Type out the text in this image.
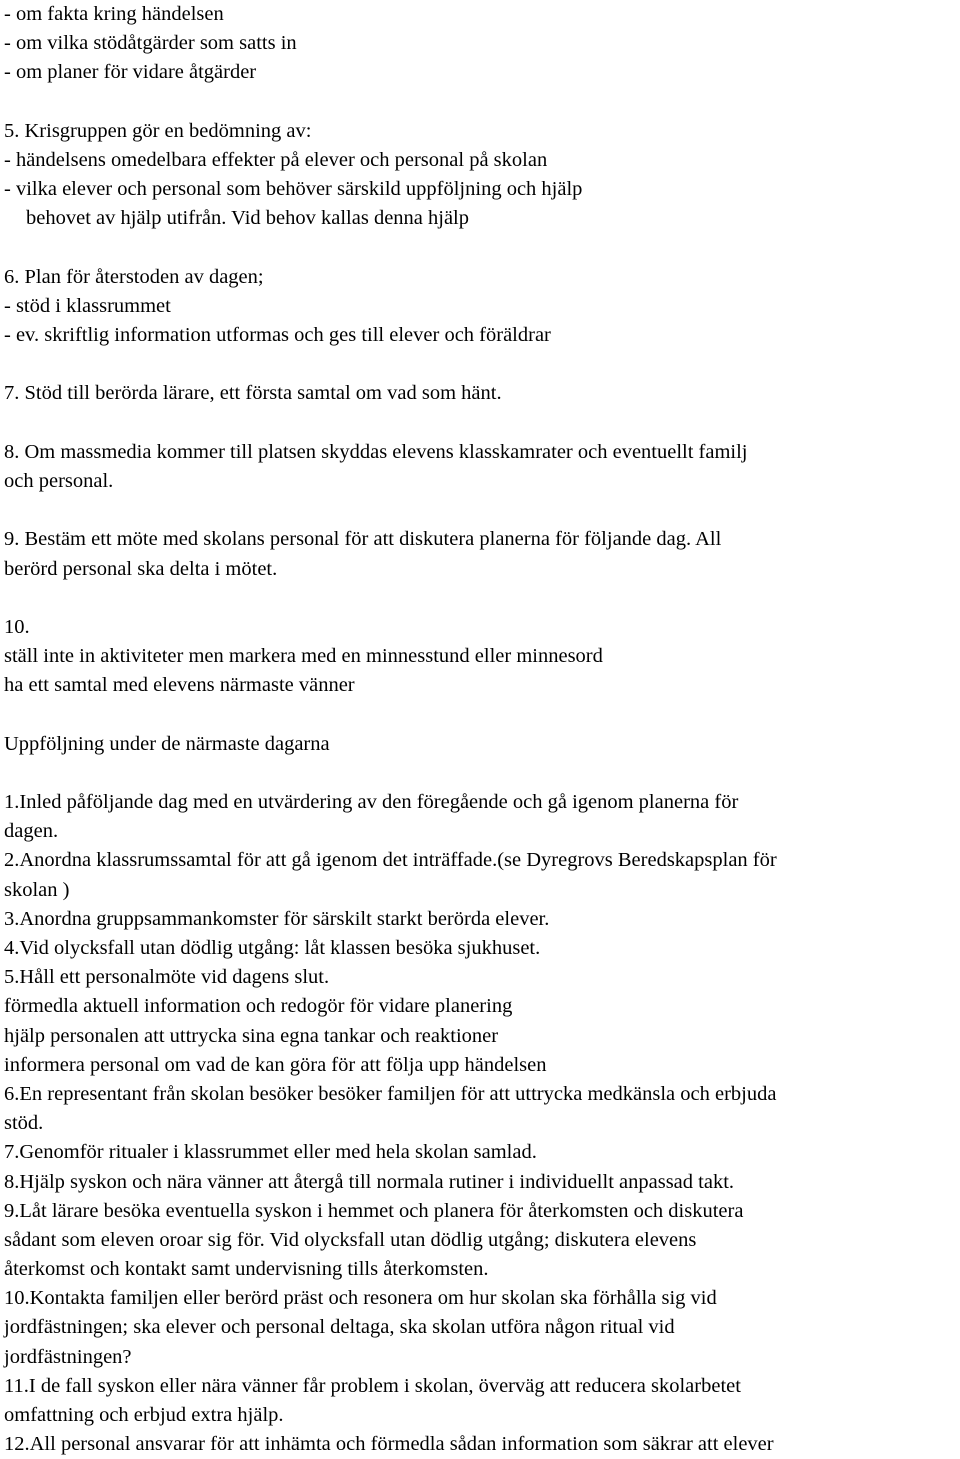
- om fakta kring händelsen
- om vilka stödåtgärder som satts in
- om planer för vidare åtgärder
5. Krisgruppen gör en bedömning av:
- händelsens omedelbara effekter på elever och personal på skolan
- vilka elever och personal som behöver särskild uppföljning och hjälp
behovet av hjälp utifrån. Vid behov kallas denna hjälp
6. Plan för återstoden av dagen;
- stöd i klassrummet
- ev. skriftlig information utformas och ges till elever och föräldrar
7. Stöd till berörda lärare, ett första samtal om vad som hänt.
8. Om massmedia kommer till platsen skyddas elevens klasskamrater och eventuellt familj
och personal.
9. Bestäm ett möte med skolans personal för att diskutera planerna för följande dag. All
berörd personal ska delta i mötet.
10.
ställ inte in aktiviteter men markera med en minnesstund eller minnesord
ha ett samtal med elevens närmaste vänner
Uppföljning under de närmaste dagarna
1.Inled påföljande dag med en utvärdering av den föregående och gå igenom planerna för
dagen.
2.Anordna klassrumssamtal för att gå igenom det inträffade.(se Dyregrovs Beredskapsplan för
skolan )
3.Anordna gruppsammankomster för särskilt starkt berörda elever.
4.Vid olycksfall utan dödlig utgång: låt klassen besöka sjukhuset.
5.Håll ett personalmöte vid dagens slut.
förmedla aktuell information och redogör för vidare planering
hjälp personalen att uttrycka sina egna tankar och reaktioner
informera personal om vad de kan göra för att följa upp händelsen
6.En representant från skolan besöker besöker familjen för att uttrycka medkänsla och erbjuda
stöd.
7.Genomför ritualer i klassrummet eller med hela skolan samlad.
8.Hjälp syskon och nära vänner att återgå till normala rutiner i individuellt anpassad takt.
9.Låt lärare besöka eventuella syskon i hemmet och planera för återkomsten och diskutera
sådant som eleven oroar sig för. Vid olycksfall utan dödlig utgång; diskutera elevens
återkomst och kontakt samt undervisning tills återkomsten.
10.Kontakta familjen eller berörd präst och resonera om hur skolan ska förhålla sig vid
jordfästningen; ska elever och personal deltaga, ska skolan utföra någon ritual vid
jordfästningen?
11.I de fall syskon eller nära vänner får problem i skolan, överväg att reducera skolarbetet
omfattning och erbjud extra hjälp.
12.All personal ansvarar för att inhämta och förmedla sådan information som säkrar att elever
